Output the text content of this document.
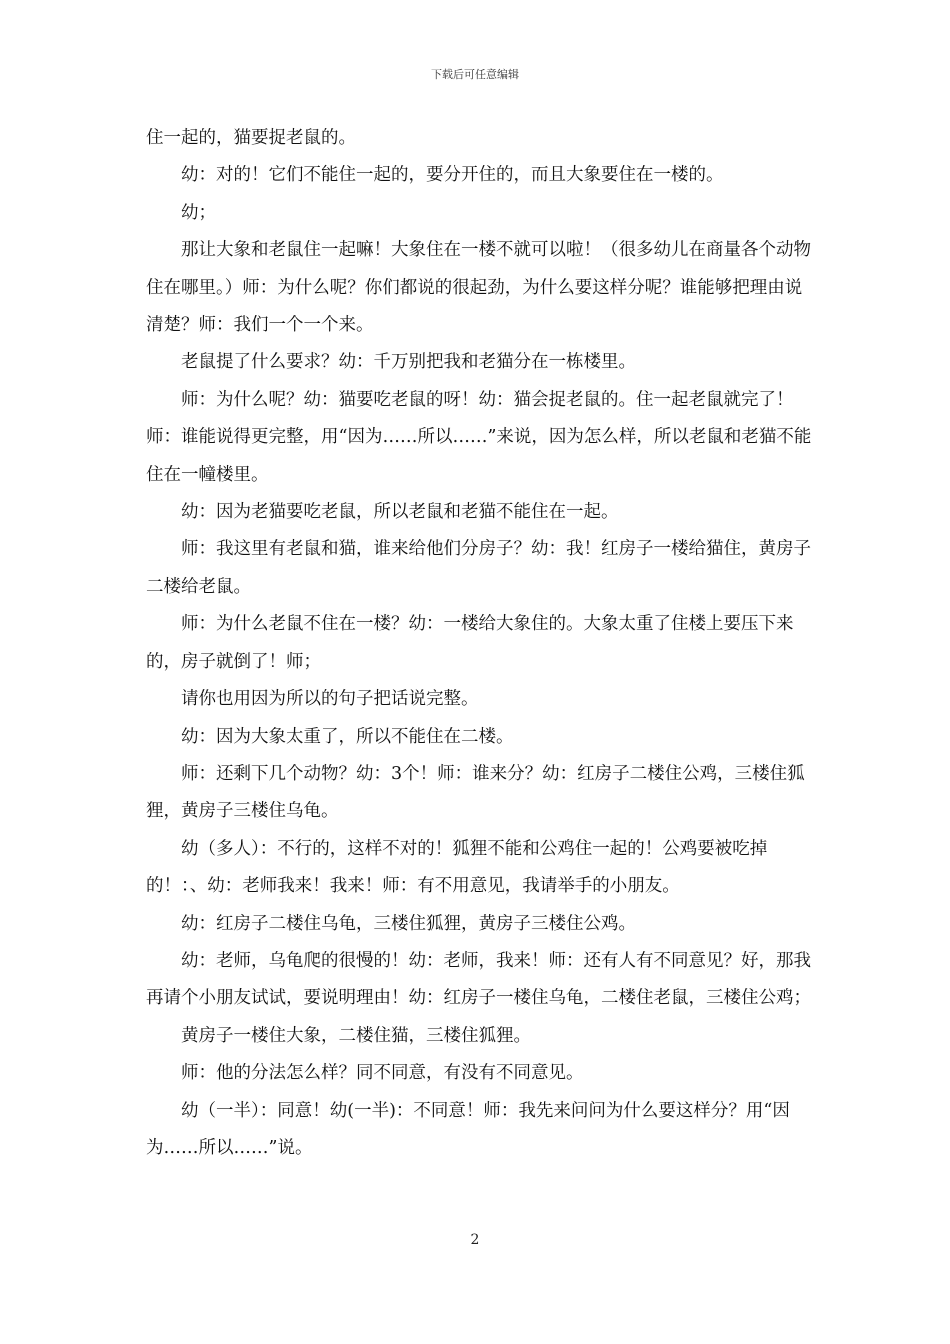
下载后可任意编辑

住一起的，猫要捉老鼠的。

幼：对的！它们不能住一起的，要分开住的，而且大象要住在一楼的。

幼；

那让大象和老鼠住一起嘛！大象住在一楼不就可以啦！（很多幼儿在商量各个动物住在哪里。）师：为什么呢？你们都说的很起劲，为什么要这样分呢？谁能够把理由说清楚？师：我们一个一个来。

老鼠提了什么要求？幼：千万别把我和老猫分在一栋楼里。

师：为什么呢？幼：猫要吃老鼠的呀！幼：猫会捉老鼠的。住一起老鼠就完了！师：谁能说得更完整，用“因为……所以……”来说，因为怎么样，所以老鼠和老猫不能住在一幢楼里。

幼：因为老猫要吃老鼠，所以老鼠和老猫不能住在一起。

师：我这里有老鼠和猫，谁来给他们分房子？幼：我！红房子一楼给猫住，黄房子二楼给老鼠。

师：为什么老鼠不住在一楼？幼：一楼给大象住的。大象太重了住楼上要压下来的，房子就倒了！师；

请你也用因为所以的句子把话说完整。

幼：因为大象太重了，所以不能住在二楼。

师：还剩下几个动物？幼：3个！师：谁来分？幼：红房子二楼住公鸡，三楼住狐狸，黄房子三楼住乌龟。

幼（多人）：不行的，这样不对的！狐狸不能和公鸡住一起的！公鸡要被吃掉的！：、幼：老师我来！我来！师：有不用意见，我请举手的小朋友。

幼：红房子二楼住乌龟，三楼住狐狸，黄房子三楼住公鸡。

幼：老师，乌龟爬的很慢的！幼：老师，我来！师：还有人有不同意见？好，那我再请个小朋友试试，要说明理由！幼：红房子一楼住乌龟，二楼住老鼠，三楼住公鸡；

黄房子一楼住大象，二楼住猫，三楼住狐狸。

师：他的分法怎么样？同不同意，有没有不同意见。

幼（一半）：同意！幼(一半)：不同意！师：我先来问问为什么要这样分？用“因为……所以……”说。

2
